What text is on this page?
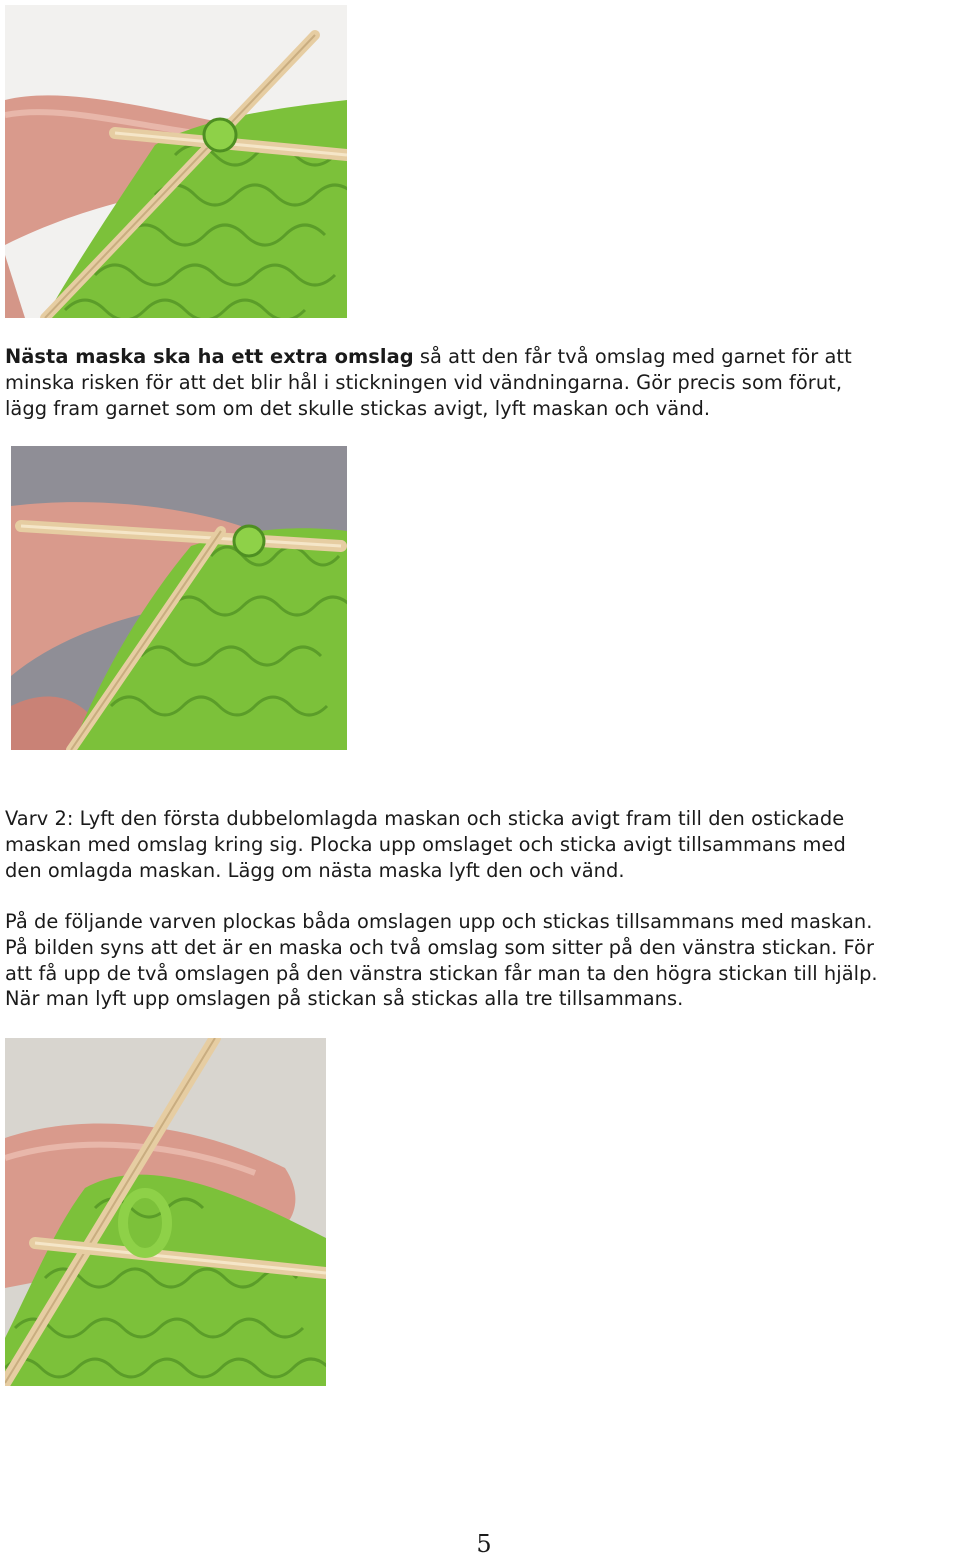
Nästa maska ska ha ett extra omslag så att den får två omslag med garnet för att
minska risken för att det blir hål i stickningen vid vändningarna. Gör precis som förut,
lägg fram garnet som om det skulle stickas avigt, lyft maskan och vänd.

Varv 2: Lyft den första dubbelomlagda maskan och sticka avigt fram till den ostickade
maskan med omslag kring sig. Plocka upp omslaget och sticka avigt tillsammans med
den omlagda maskan. Lägg om nästa maska lyft den och vänd.

På de följande varven plockas båda omslagen upp och stickas tillsammans med maskan.
På bilden syns att det är en maska och två omslag som sitter på den vänstra stickan. För
att få upp de två omslagen på den vänstra stickan får man ta den högra stickan till hjälp.
När man lyft upp omslagen på stickan så stickas alla tre tillsammans.

5
